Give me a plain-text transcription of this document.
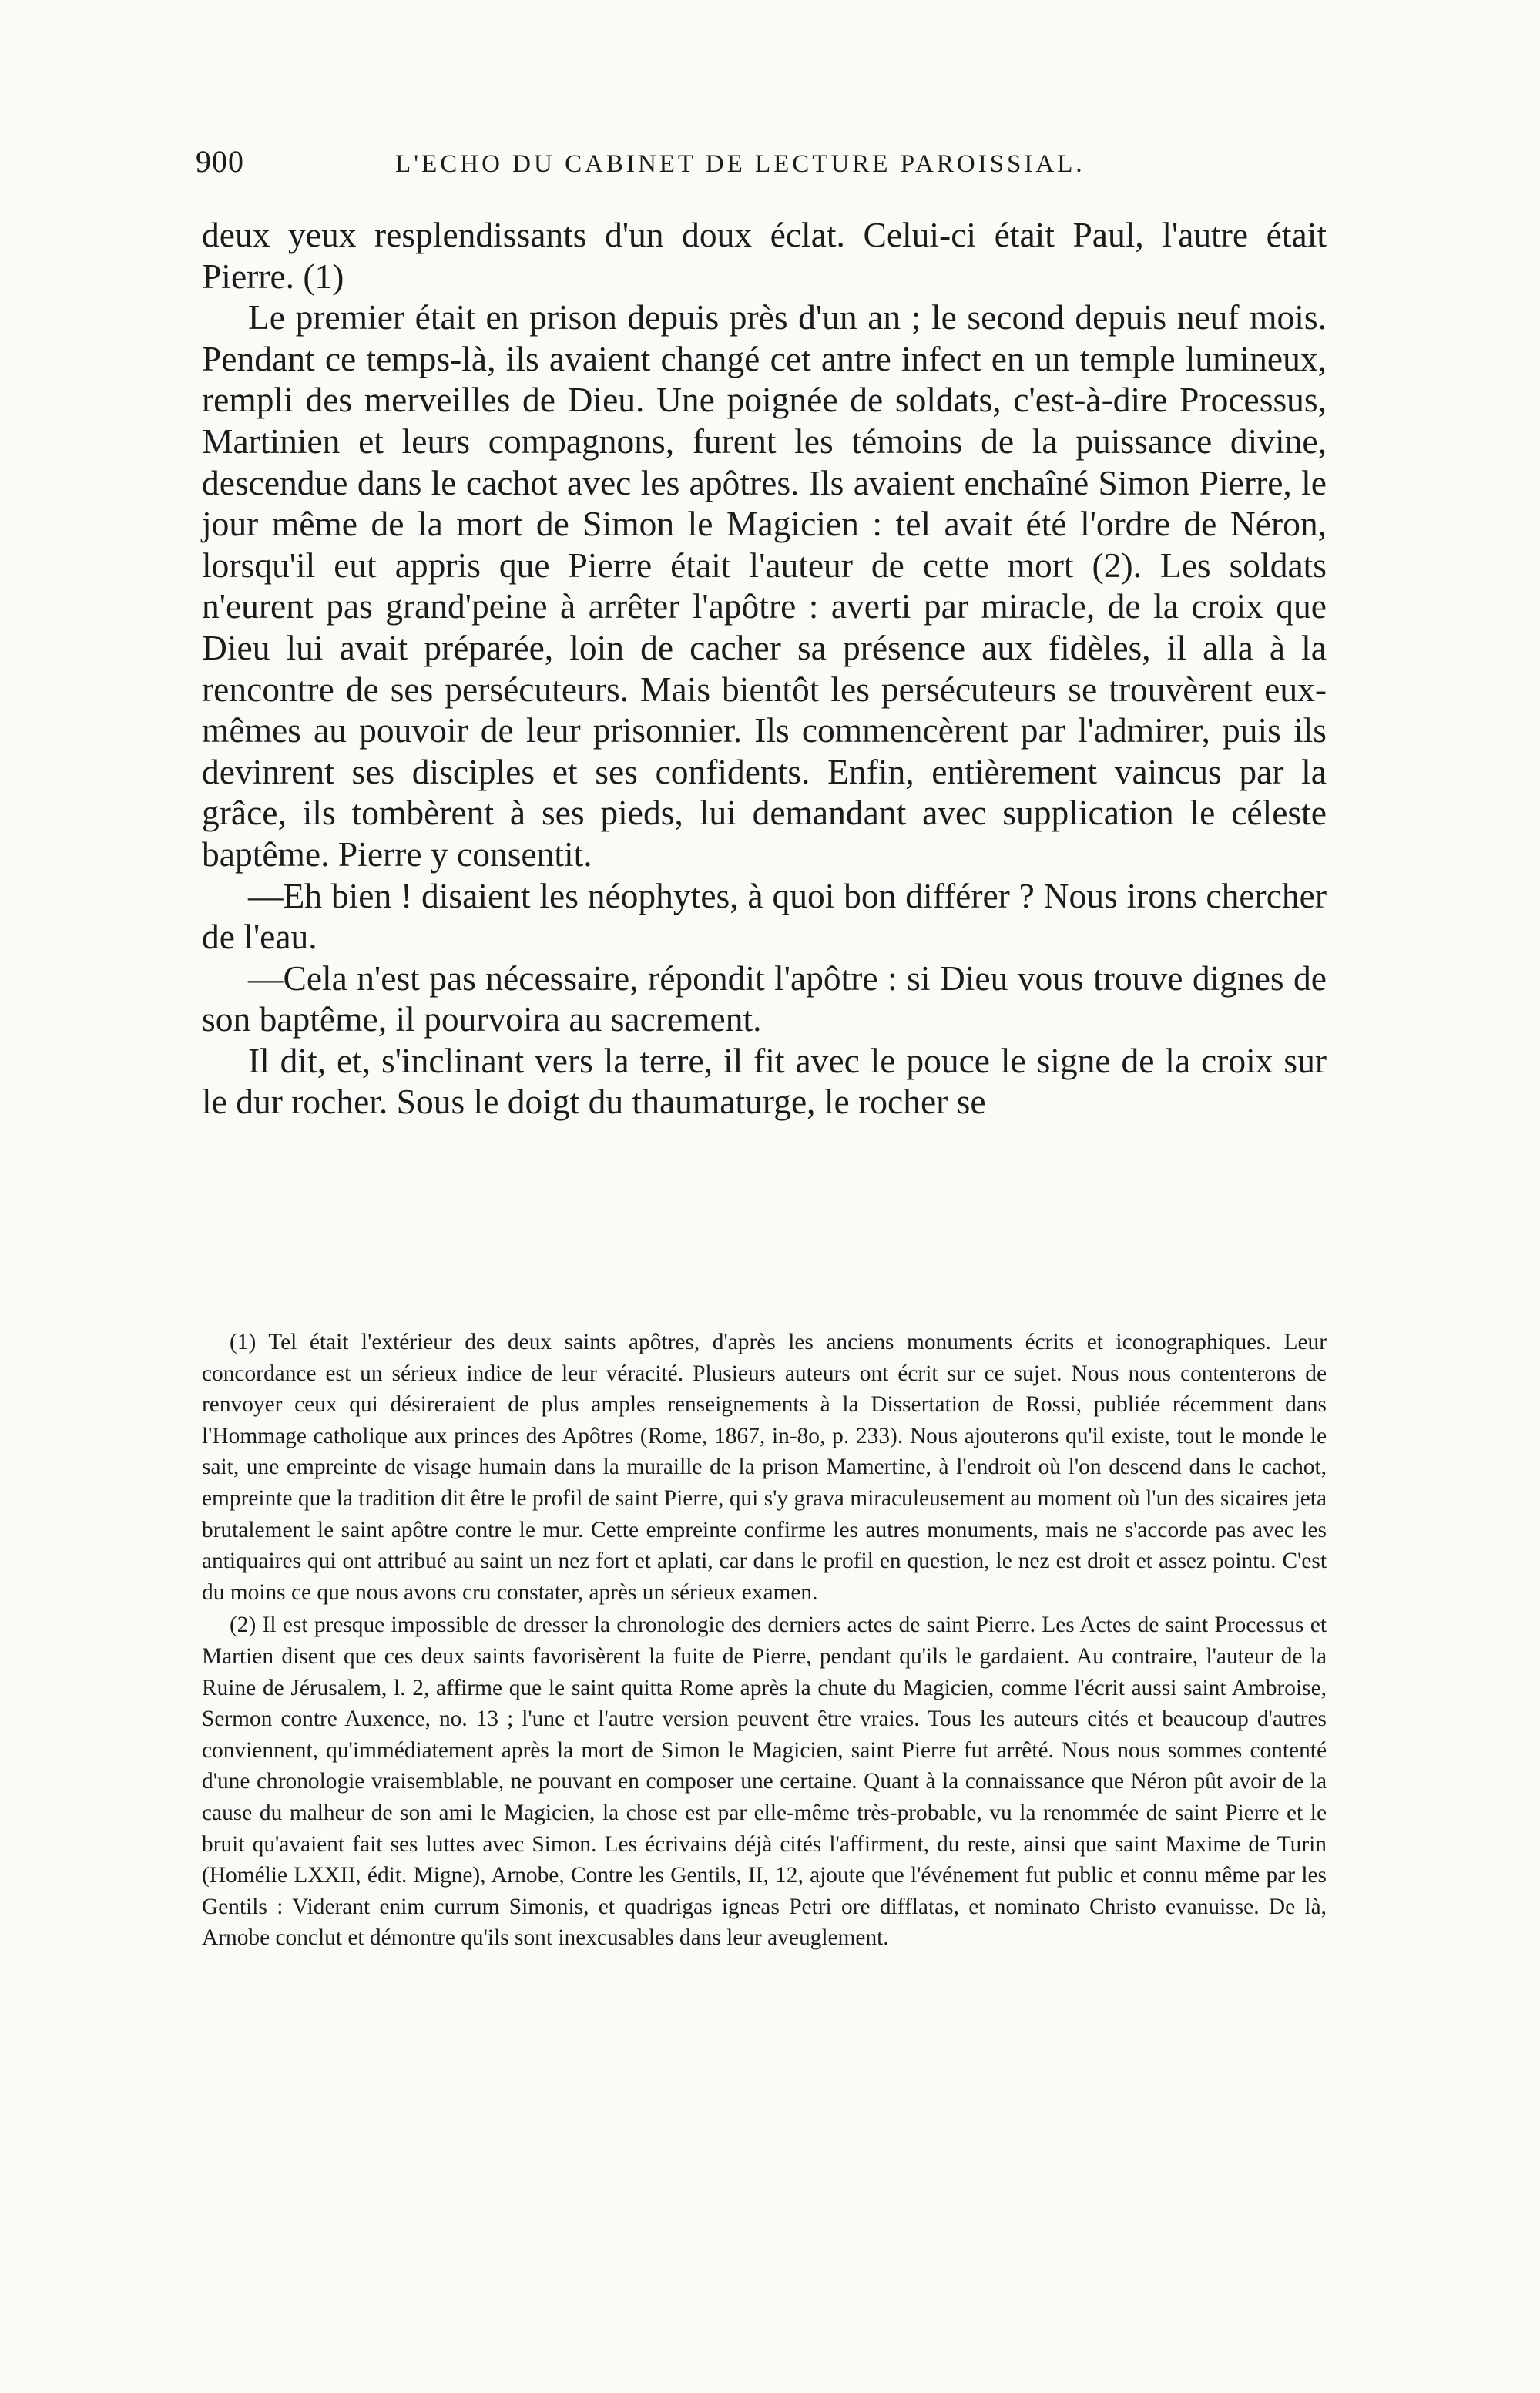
900	L'ECHO DU CABINET DE LECTURE PAROISSIAL.

deux yeux resplendissants d'un doux éclat. Celui-ci était Paul, l'autre était Pierre. (1)

Le premier était en prison depuis près d'un an ; le second depuis neuf mois. Pendant ce temps-là, ils avaient changé cet antre infect en un temple lumineux, rempli des merveilles de Dieu. Une poignée de soldats, c'est-à-dire Processus, Martinien et leurs compagnons, furent les témoins de la puissance divine, descendue dans le cachot avec les apôtres. Ils avaient enchaîné Simon Pierre, le jour même de la mort de Simon le Magicien : tel avait été l'ordre de Néron, lorsqu'il eut appris que Pierre était l'auteur de cette mort (2). Les soldats n'eurent pas grand'peine à arrêter l'apôtre : averti par miracle, de la croix que Dieu lui avait préparée, loin de cacher sa présence aux fidèles, il alla à la rencontre de ses persécuteurs. Mais bientôt les persécuteurs se trouvèrent eux-mêmes au pouvoir de leur prisonnier. Ils commencèrent par l'admirer, puis ils devinrent ses disciples et ses confidents. Enfin, entièrement vaincus par la grâce, ils tombèrent à ses pieds, lui demandant avec supplication le céleste baptême. Pierre y consentit.

—Eh bien ! disaient les néophytes, à quoi bon différer ? Nous irons chercher de l'eau.

—Cela n'est pas nécessaire, répondit l'apôtre : si Dieu vous trouve dignes de son baptême, il pourvoira au sacrement.

Il dit, et, s'inclinant vers la terre, il fit avec le pouce le signe de la croix sur le dur rocher. Sous le doigt du thaumaturge, le rocher se

(1) Tel était l'extérieur des deux saints apôtres, d'après les anciens monuments écrits et iconographiques. Leur concordance est un sérieux indice de leur véracité. Plusieurs auteurs ont écrit sur ce sujet. Nous nous contenterons de renvoyer ceux qui désireraient de plus amples renseignements à la Dissertation de Rossi, publiée récemment dans l'Hommage catholique aux princes des Apôtres (Rome, 1867, in-8o, p. 233). Nous ajouterons qu'il existe, tout le monde le sait, une empreinte de visage humain dans la muraille de la prison Mamertine, à l'endroit où l'on descend dans le cachot, empreinte que la tradition dit être le profil de saint Pierre, qui s'y grava miraculeusement au moment où l'un des sicaires jeta brutalement le saint apôtre contre le mur. Cette empreinte confirme les autres monuments, mais ne s'accorde pas avec les antiquaires qui ont attribué au saint un nez fort et aplati, car dans le profil en question, le nez est droit et assez pointu. C'est du moins ce que nous avons cru constater, après un sérieux examen.

(2) Il est presque impossible de dresser la chronologie des derniers actes de saint Pierre. Les Actes de saint Processus et Martien disent que ces deux saints favorisèrent la fuite de Pierre, pendant qu'ils le gardaient. Au contraire, l'auteur de la Ruine de Jérusalem, l. 2, affirme que le saint quitta Rome après la chute du Magicien, comme l'écrit aussi saint Ambroise, Sermon contre Auxence, no. 13 ; l'une et l'autre version peuvent être vraies. Tous les auteurs cités et beaucoup d'autres conviennent, qu'immédiatement après la mort de Simon le Magicien, saint Pierre fut arrêté. Nous nous sommes contenté d'une chronologie vraisemblable, ne pouvant en composer une certaine. Quant à la connaissance que Néron pût avoir de la cause du malheur de son ami le Magicien, la chose est par elle-même très-probable, vu la renommée de saint Pierre et le bruit qu'avaient fait ses luttes avec Simon. Les écrivains déjà cités l'affirment, du reste, ainsi que saint Maxime de Turin (Homélie LXXII, édit. Migne), Arnobe, Contre les Gentils, II, 12, ajoute que l'événement fut public et connu même par les Gentils : Viderant enim currum Simonis, et quadrigas igneas Petri ore difflatas, et nominato Christo evanuisse. De là, Arnobe conclut et démontre qu'ils sont inexcusables dans leur aveuglement.
